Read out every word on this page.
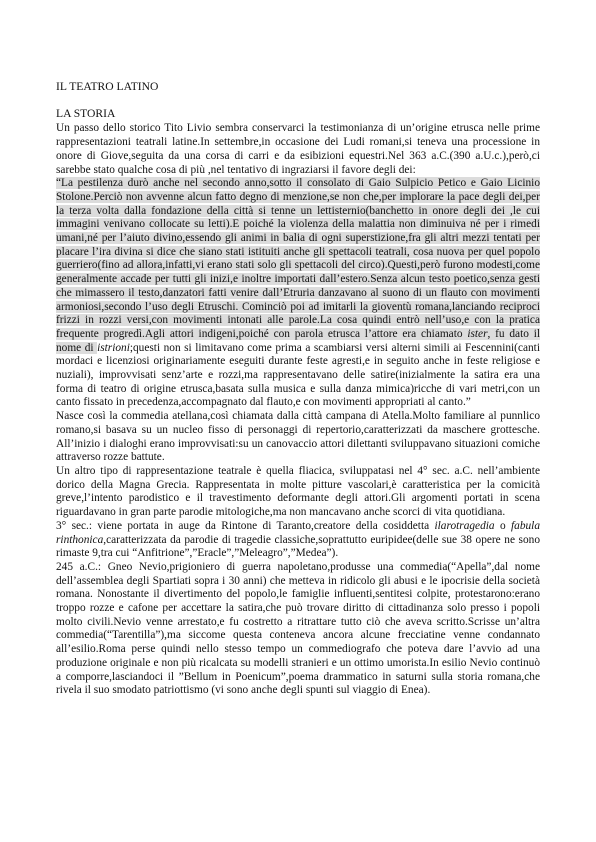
IL TEATRO LATINO
LA STORIA

Un passo dello storico Tito Livio sembra conservarci la testimonianza di un’origine etrusca nelle prime rappresentazioni teatrali latine.In settembre,in occasione dei Ludi romani,si teneva una processione in onore di Giove,seguita da una corsa di carri e da esibizioni equestri.Nel 363 a.C.(390 a.U.c.),però,ci sarebbe stato qualche cosa di più ,nel tentativo di ingraziarsi il favore degli dei:

“La pestilenza durò anche nel secondo anno,sotto il consolato di Gaio Sulpicio Petico e Gaio Licinio Stolone.Perciò non avvenne alcun fatto degno di menzione,se non che,per implorare la pace degli dei,per la terza volta dalla fondazione della città si tenne un lettisternio(banchetto in onore degli dei ,le cui immagini venivano collocate su letti).E poiché la violenza della malattia non diminuiva né per i rimedi umani,né per l’aiuto divino,essendo gli animi in balia di ogni superstizione,fra gli altri mezzi tentati per placare l’ira divina si dice che siano stati istituiti anche gli spettacoli teatrali, cosa nuova per quel popolo guerriero(fino ad allora,infatti,vi erano stati solo gli spettacoli del circo).Questi,però furono modesti,come generalmente accade per tutti gli inizi,e inoltre importati dall’estero.Senza alcun testo poetico,senza gesti che mimassero il testo,danzatori fatti venire dall’Etruria danzavano al suono di un flauto con movimenti armoniosi,secondo l’uso degli Etruschi. Cominciò poi ad imitarli la gioventù romana,lanciando reciproci frizzi in rozzi versi,con movimenti intonati alle parole.La cosa quindi entrò nell’uso,e con la pratica frequente progredì.Agli attori indigeni,poiché con parola etrusca l’attore era chiamato ister, fu dato il nome di istrioni;questi non si limitavano come prima a scambiarsi versi alterni simili ai Fescennini(canti mordaci e licenziosi originariamente eseguiti durante feste agresti,e in seguito anche in feste religiose e nuziali), improvvisati senz’arte e rozzi,ma rappresentavano delle satire(inizialmente la satira era una forma di teatro di origine etrusca,basata sulla musica e sulla danza mimica)ricche di vari metri,con un canto fissato in precedenza,accompagnato dal flauto,e con movimenti appropriati al canto.”

Nasce così la commedia atellana,così chiamata dalla città campana di Atella.Molto familiare al punnlico romano,si basava su un nucleo fisso di personaggi di repertorio,caratterizzati da maschere grottesche. All’inizio i dialoghi erano improvvisati:su un canovaccio attori dilettanti sviluppavano situazioni comiche attraverso rozze battute.

Un altro tipo di rappresentazione teatrale è quella fliacica, sviluppatasi nel 4° sec. a.C. nell’ambiente dorico della Magna Grecia. Rappresentata in molte pitture vascolari,è caratteristica per la comicità greve,l’intento parodistico e il travestimento deformante degli attori.Gli argomenti portati in scena riguardavano in gran parte parodie mitologiche,ma non mancavano anche scorci di vita quotidiana.

3° sec.: viene portata in auge da Rintone di Taranto,creatore della cosiddetta ilarotragedia o fabula rinthonica,caratterizzata da parodie di tragedie classiche,soprattutto euripidee(delle sue 38 opere ne sono rimaste 9,tra cui “Anfitrione”,”Eracle”,”Meleagro”,”Medea”).

245 a.C.: Gneo Nevio,prigioniero di guerra napoletano,produsse una commedia(“Apella”,dal nome dell’assemblea degli Spartiati sopra i 30 anni) che metteva in ridicolo gli abusi e le ipocrisie della società romana. Nonostante il divertimento del popolo,le famiglie influenti,sentitesi colpite, protestarono:erano troppo rozze e cafone per accettare la satira,che può trovare diritto di cittadinanza solo presso i popoli molto civili.Nevio venne arrestato,e fu costretto a ritrattare tutto ciò che aveva scritto.Scrisse un’altra commedia(“Tarentilla”),ma siccome questa conteneva ancora alcune frecciatine venne condannato all’esilio.Roma perse quindi nello stesso tempo un commediografo che poteva dare l’avvio ad una produzione originale e non più ricalcata su modelli stranieri e un ottimo umorista.In esilio Nevio continuò a comporre,lasciandoci il ”Bellum in Poenicum”,poema drammatico in saturni sulla storia romana,che rivela il suo smodato patriottismo (vi sono anche degli spunti sul viaggio di Enea).
